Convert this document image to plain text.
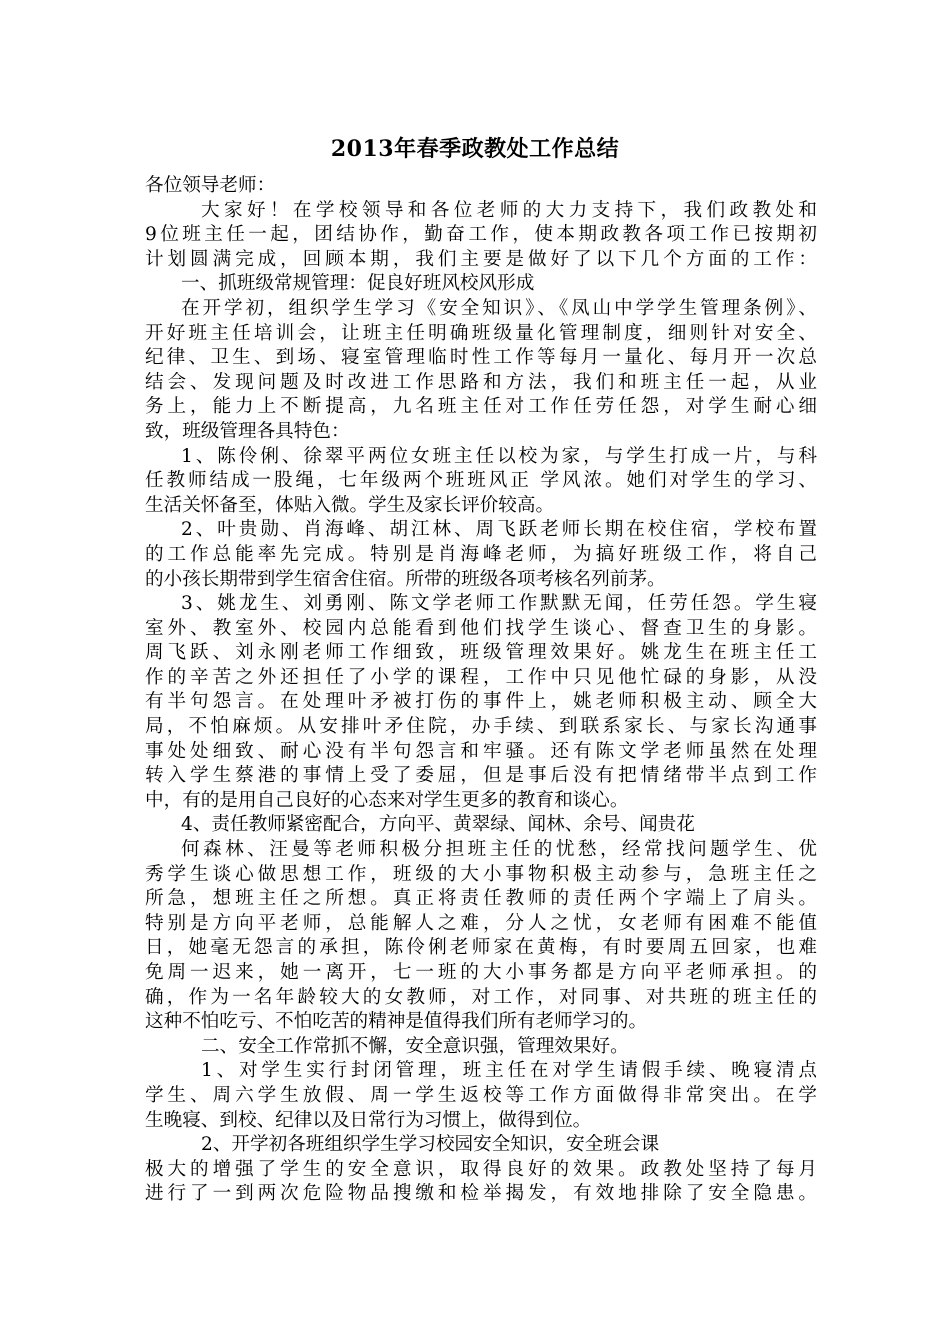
2013年春季政教处工作总结
各位领导老师：
大家好！在学校领导和各位老师的大力支持下，我们政教处和
9位班主任一起，团结协作，勤奋工作，使本期政教各项工作已按期初
计划圆满完成，回顾本期，我们主要是做好了以下几个方面的工作：
一、抓班级常规管理：促良好班风校风形成
在开学初，组织学生学习《安全知识》、《凤山中学学生管理条例》、
开好班主任培训会，让班主任明确班级量化管理制度，细则针对安全、
纪律、卫生、到场、寝室管理临时性工作等每月一量化、每月开一次总
结会、发现问题及时改进工作思路和方法，我们和班主任一起，从业
务上，能力上不断提高，九名班主任对工作任劳任怨，对学生耐心细
致，班级管理各具特色：
1、陈伶俐、徐翠平两位女班主任以校为家，与学生打成一片，与科
任教师结成一股绳，七年级两个班班风正 学风浓。她们对学生的学习、
生活关怀备至，体贴入微。学生及家长评价较高。
2、叶贵勋、肖海峰、胡江林、周飞跃老师长期在校住宿，学校布置
的工作总能率先完成。特别是肖海峰老师，为搞好班级工作，将自己
的小孩长期带到学生宿舍住宿。所带的班级各项考核名列前茅。
3、姚龙生、刘勇刚、陈文学老师工作默默无闻，任劳任怨。学生寝
室外、教室外、校园内总能看到他们找学生谈心、督查卫生的身影。
周飞跃、刘永刚老师工作细致，班级管理效果好。姚龙生在班主任工
作的辛苦之外还担任了小学的课程，工作中只见他忙碌的身影，从没
有半句怨言。在处理叶矛被打伤的事件上，姚老师积极主动、顾全大
局，不怕麻烦。从安排叶矛住院，办手续、到联系家长、与家长沟通事
事处处细致、耐心没有半句怨言和牢骚。还有陈文学老师虽然在处理
转入学生蔡港的事情上受了委屈，但是事后没有把情绪带半点到工作
中，有的是用自己良好的心态来对学生更多的教育和谈心。
4、责任教师紧密配合，方向平、黄翠绿、闻林、余号、闻贵花
何森林、汪曼等老师积极分担班主任的忧愁，经常找问题学生、优
秀学生谈心做思想工作，班级的大小事物积极主动参与，急班主任之
所急，想班主任之所想。真正将责任教师的责任两个字端上了肩头。
特别是方向平老师，总能解人之难，分人之忧，女老师有困难不能值
日，她毫无怨言的承担，陈伶俐老师家在黄梅，有时要周五回家，也难
免周一迟来，她一离开，七一班的大小事务都是方向平老师承担。的
确，作为一名年龄较大的女教师，对工作，对同事、对共班的班主任的
这种不怕吃亏、不怕吃苦的精神是值得我们所有老师学习的。
二、安全工作常抓不懈，安全意识强，管理效果好。
1、对学生实行封闭管理，班主任在对学生请假手续、晚寝清点
学生、周六学生放假、周一学生返校等工作方面做得非常突出。在学
生晚寝、到校、纪律以及日常行为习惯上，做得到位。
2、开学初各班组织学生学习校园安全知识，安全班会课
极大的增强了学生的安全意识，取得良好的效果。政教处坚持了每月
进行了一到两次危险物品搜缴和检举揭发，有效地排除了安全隐患。
